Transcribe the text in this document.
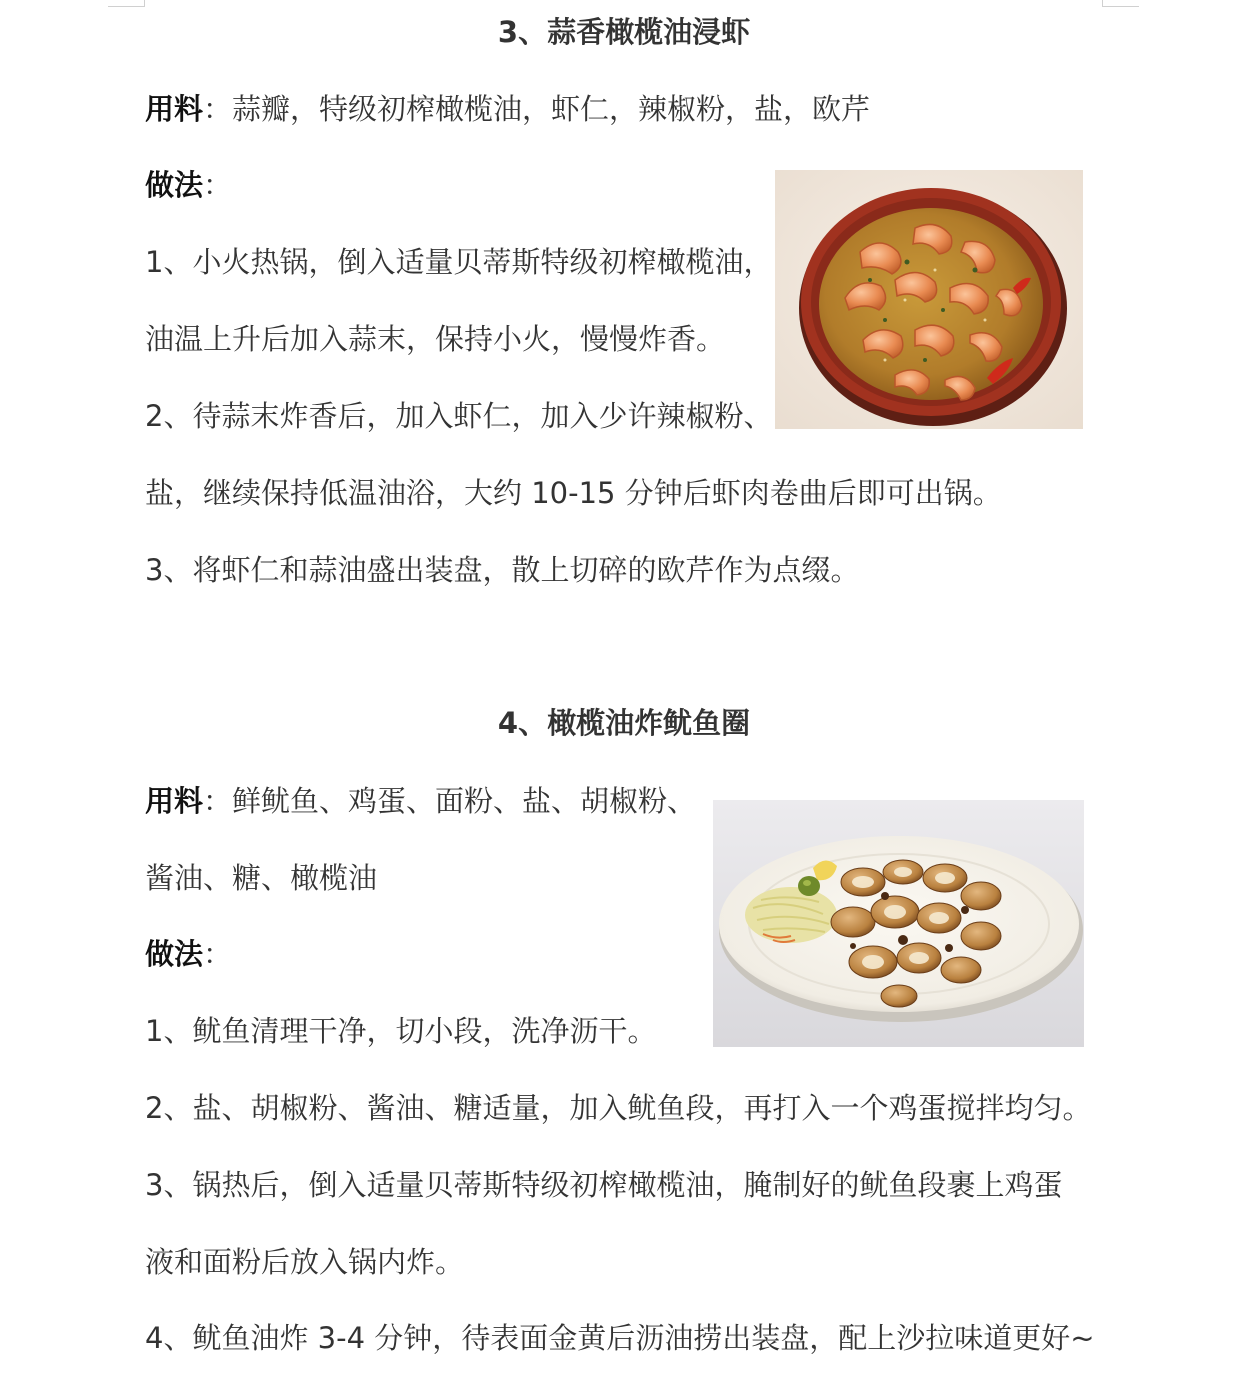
3、蒜香橄榄油浸虾
用料：蒜瓣，特级初榨橄榄油，虾仁，辣椒粉，盐，欧芹
做法：
1、小火热锅，倒入适量贝蒂斯特级初榨橄榄油，
油温上升后加入蒜末，保持小火，慢慢炸香。
2、待蒜末炸香后，加入虾仁，加入少许辣椒粉、
盐，继续保持低温油浴，大约 10-15 分钟后虾肉卷曲后即可出锅。
3、将虾仁和蒜油盛出装盘，散上切碎的欧芹作为点缀。
4、橄榄油炸鱿鱼圈
用料：鲜鱿鱼、鸡蛋、面粉、盐、胡椒粉、
酱油、糖、橄榄油
做法：
1、鱿鱼清理干净，切小段，洗净沥干。
2、盐、胡椒粉、酱油、糖适量，加入鱿鱼段，再打入一个鸡蛋搅拌均匀。
3、锅热后，倒入适量贝蒂斯特级初榨橄榄油，腌制好的鱿鱼段裹上鸡蛋
液和面粉后放入锅内炸。
4、鱿鱼油炸 3-4 分钟，待表面金黄后沥油捞出装盘，配上沙拉味道更好~
